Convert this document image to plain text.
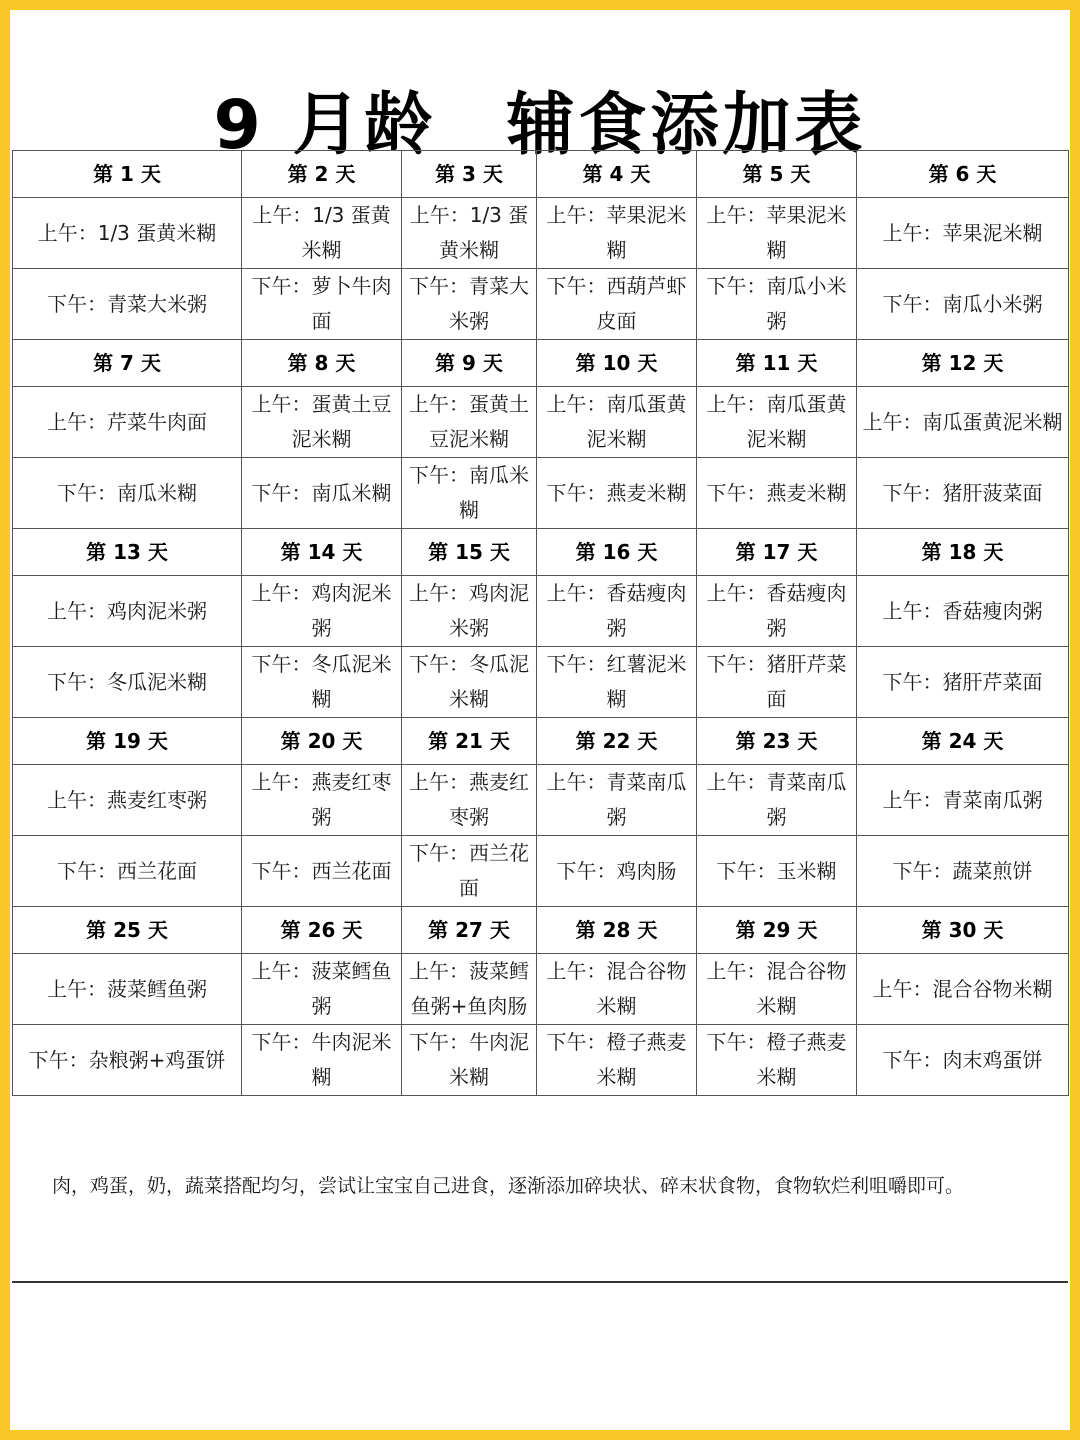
9 月龄 辅食添加表
第 1 天	第 2 天	第 3 天	第 4 天	第 5 天	第 6 天
上午：1/3 蛋黄米糊	上午：1/3 蛋黄米糊	上午：1/3 蛋黄米糊	上午：苹果泥米糊	上午：苹果泥米糊	上午：苹果泥米糊
下午：青菜大米粥	下午：萝卜牛肉面	下午：青菜大米粥	下午：西葫芦虾皮面	下午：南瓜小米粥	下午：南瓜小米粥
第 7 天	第 8 天	第 9 天	第 10 天	第 11 天	第 12 天
上午：芹菜牛肉面	上午：蛋黄土豆泥米糊	上午：蛋黄土豆泥米糊	上午：南瓜蛋黄泥米糊	上午：南瓜蛋黄泥米糊	上午：南瓜蛋黄泥米糊
下午：南瓜米糊	下午：南瓜米糊	下午：南瓜米糊	下午：燕麦米糊	下午：燕麦米糊	下午：猪肝菠菜面
第 13 天	第 14 天	第 15 天	第 16 天	第 17 天	第 18 天
上午：鸡肉泥米粥	上午：鸡肉泥米粥	上午：鸡肉泥米粥	上午：香菇瘦肉粥	上午：香菇瘦肉粥	上午：香菇瘦肉粥
下午：冬瓜泥米糊	下午：冬瓜泥米糊	下午：冬瓜泥米糊	下午：红薯泥米糊	下午：猪肝芹菜面	下午：猪肝芹菜面
第 19 天	第 20 天	第 21 天	第 22 天	第 23 天	第 24 天
上午：燕麦红枣粥	上午：燕麦红枣粥	上午：燕麦红枣粥	上午：青菜南瓜粥	上午：青菜南瓜粥	上午：青菜南瓜粥
下午：西兰花面	下午：西兰花面	下午：西兰花面	下午：鸡肉肠	下午：玉米糊	下午：蔬菜煎饼
第 25 天	第 26 天	第 27 天	第 28 天	第 29 天	第 30 天
上午：菠菜鳕鱼粥	上午：菠菜鳕鱼粥	上午：菠菜鳕鱼粥+鱼肉肠	上午：混合谷物米糊	上午：混合谷物米糊	上午：混合谷物米糊
下午：杂粮粥+鸡蛋饼	下午：牛肉泥米糊	下午：牛肉泥米糊	下午：橙子燕麦米糊	下午：橙子燕麦米糊	下午：肉末鸡蛋饼

肉，鸡蛋，奶，蔬菜搭配均匀，尝试让宝宝自己进食，逐渐添加碎块状、碎末状食物，食物软烂利咀嚼即可。
